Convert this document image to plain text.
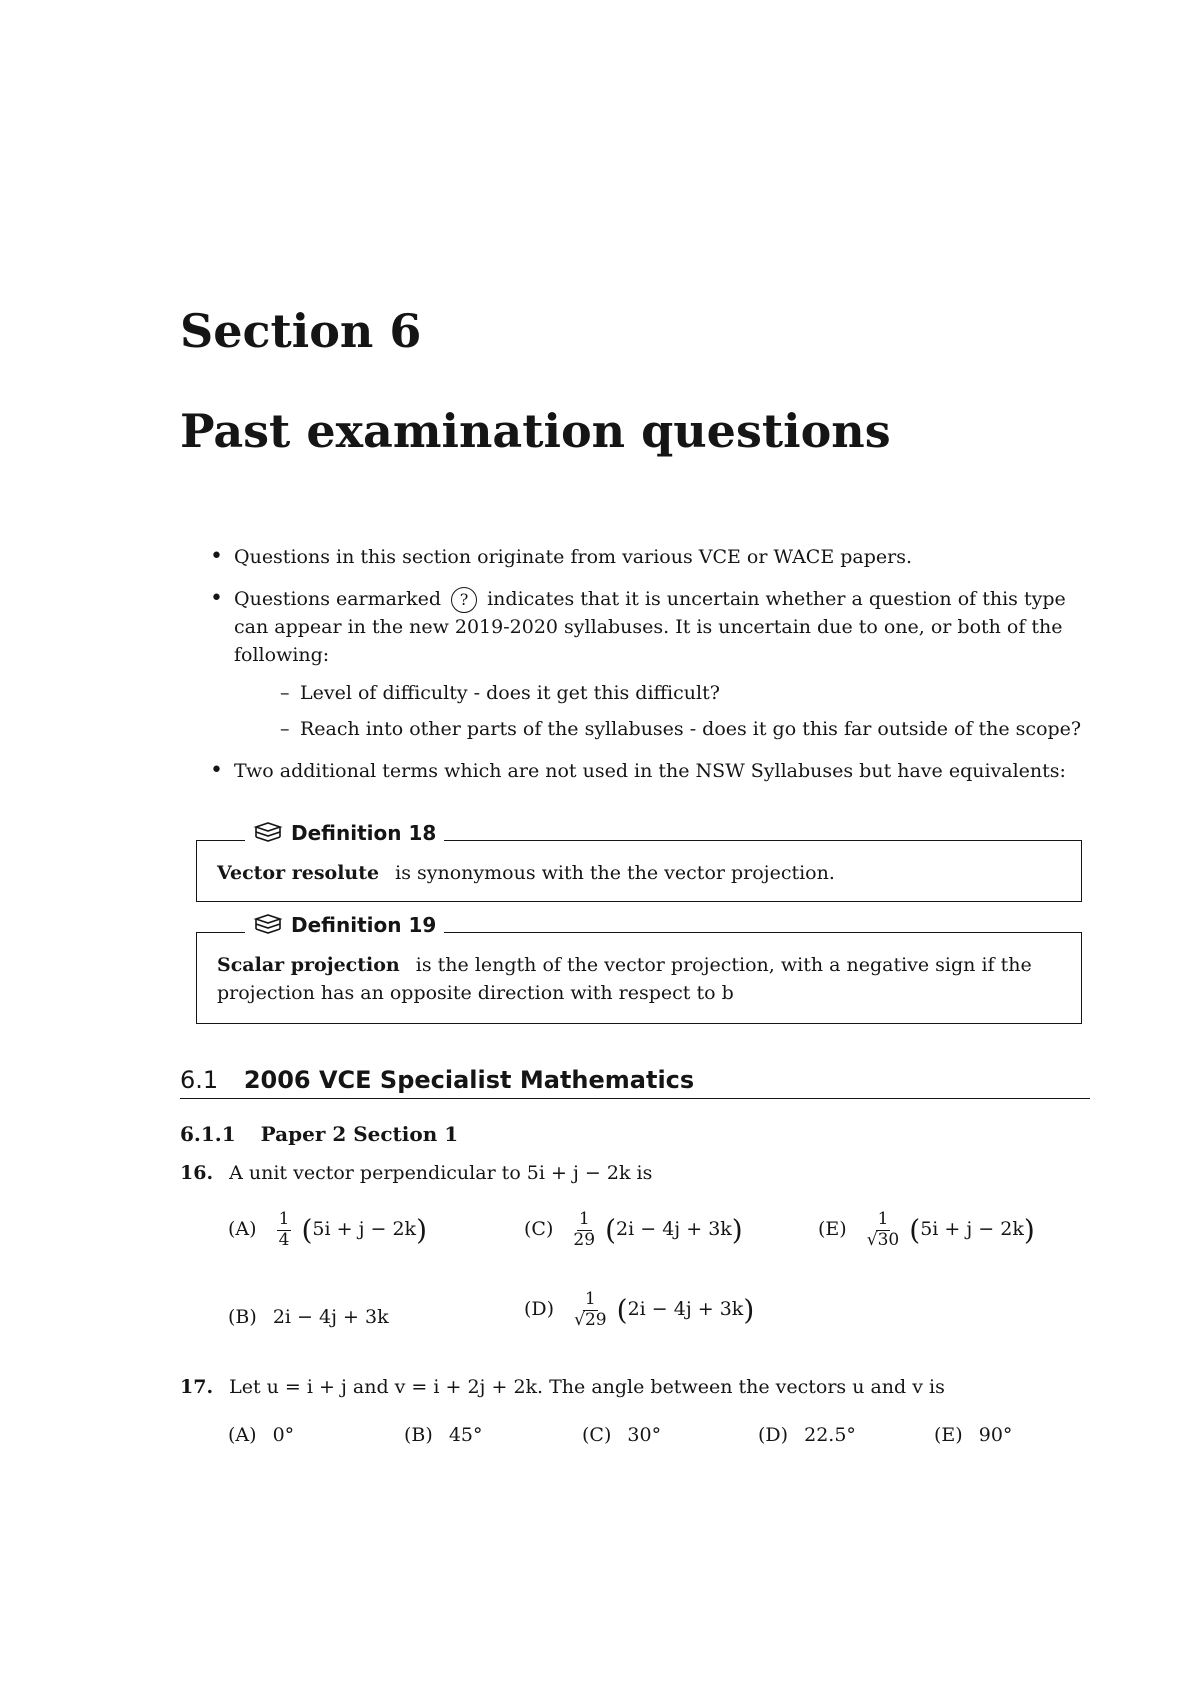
Section 6
Past examination questions
• Questions in this section originate from various VCE or WACE papers.
• Questions earmarked ? indicates that it is uncertain whether a question of this type can appear in the new 2019-2020 syllabuses. It is uncertain due to one, or both of the following:
– Level of difficulty - does it get this difficult?
– Reach into other parts of the syllabuses - does it go this far outside of the scope?
• Two additional terms which are not used in the NSW Syllabuses but have equivalents:
Definition 18
Vector resolute is synonymous with the the vector projection.
Definition 19
Scalar projection is the length of the vector projection, with a negative sign if the projection has an opposite direction with respect to b
6.1 2006 VCE Specialist Mathematics
6.1.1 Paper 2 Section 1
16. A unit vector perpendicular to 5i + j − 2k is
$(A) \frac{1}{4} (5i + j - 2k)$	$(C) \frac{1}{29} (2i - 4j + 3k)$	$(E) \frac{1}{√30} (5i + j - 2k)$
(B) 2i − 4j + 3k	$(D) \frac{1}{√29} (2i - 4j + 3k)$
17. Let u = i + j and v = i + 2j + 2k. The angle between the vectors u and v is
(A) 0°	(B) 45°	(C) 30°	(D) 22.5°	(E) 90°
